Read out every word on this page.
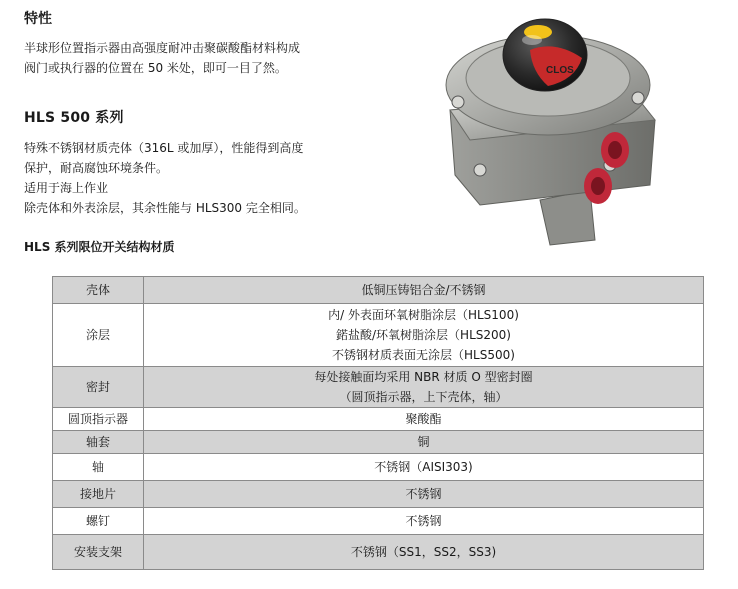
特性
半球形位置指示器由高强度耐冲击聚碳酸酯材料构成
阀门或执行器的位置在 50 米处，即可一目了然。
HLS 500 系列
特殊不锈钢材质壳体（316L 或加厚），性能得到高度
保护，耐高腐蚀环境条件。
适用于海上作业
除壳体和外表涂层，其余性能与 HLS300 完全相同。
HLS 系列限位开关结构材质
CLOS
壳体	低铜压铸铝合金/不锈钢

涂层	内/ 外表面环氧树脂涂层（HLS100)
鍩盐酸/环氧树脂涂层（HLS200)
不锈钢材质表面无涂层（HLS500)

密封	每处接触面均采用 NBR 材质 O 型密封圈
（圆顶指示器，上下壳体，轴）

圆顶指示器	聚酸酯

轴套	铜

轴	不锈钢（AISI303)

接地片	不锈钢

螺钉	不锈钢

安装支架	不锈钢（SS1，SS2，SS3)
